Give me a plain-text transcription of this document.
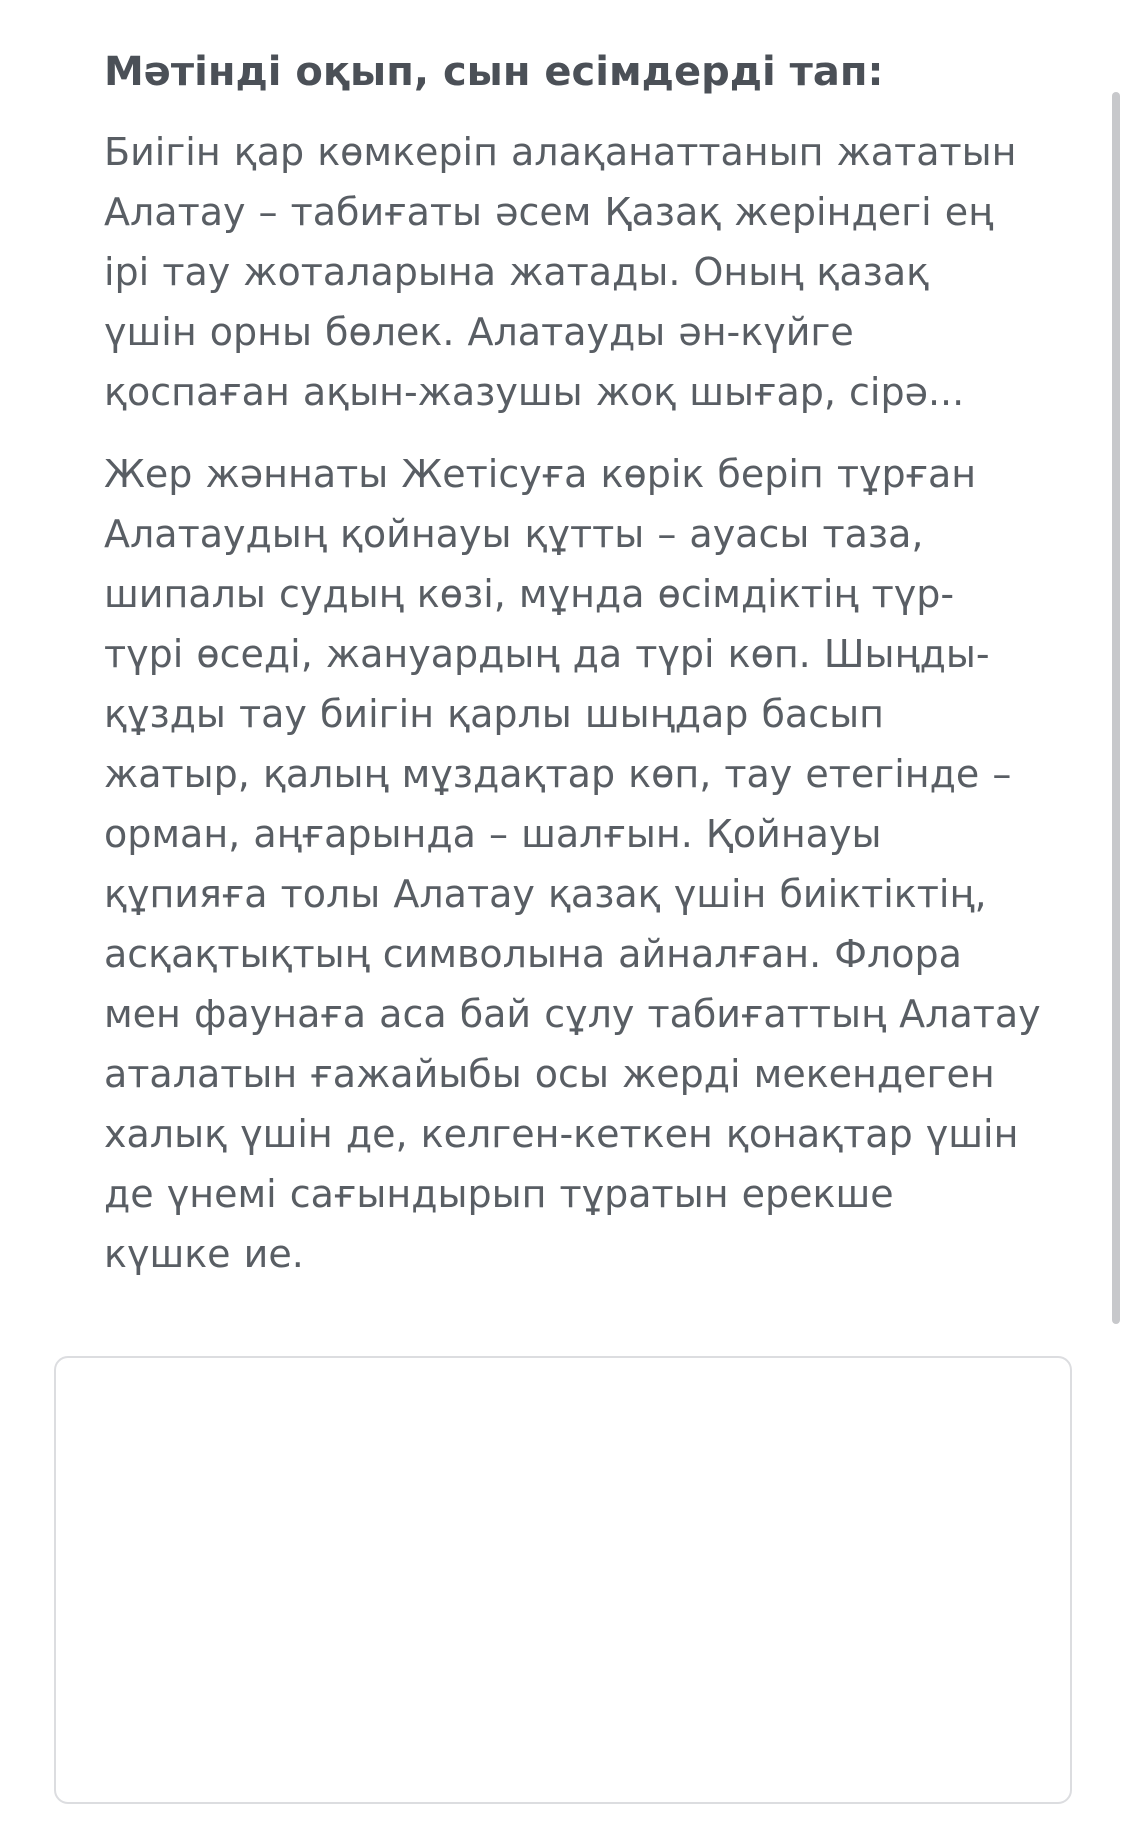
Мәтінді оқып, сын есімдерді тап:

Биігін қар көмкеріп алақанаттанып жататын
Алатау – табиғаты әсем Қазақ жеріндегі ең
ірі тау жоталарына жатады. Оның қазақ
үшін орны бөлек. Алатауды ән-күйге
қоспаған ақын-жазушы жоқ шығар, сірә...

Жер жәннаты Жетісуға көрік беріп тұрған
Алатаудың қойнауы құтты – ауасы таза,
шипалы судың көзі, мұнда өсімдіктің түр-
түрі өседі, жануардың да түрі көп. Шыңды-
құзды тау биігін қарлы шыңдар басып
жатыр, қалың мұздақтар көп, тау етегінде –
орман, аңғарында – шалғын. Қойнауы
құпияға толы Алатау қазақ үшін биіктіктің,
асқақтықтың символына айналған. Флора
мен фаунаға аса бай сұлу табиғаттың Алатау
аталатын ғажайыбы осы жерді мекендеген
халық үшін де, келген-кеткен қонақтар үшін
де үнемі сағындырып тұратын ерекше
күшке ие.
